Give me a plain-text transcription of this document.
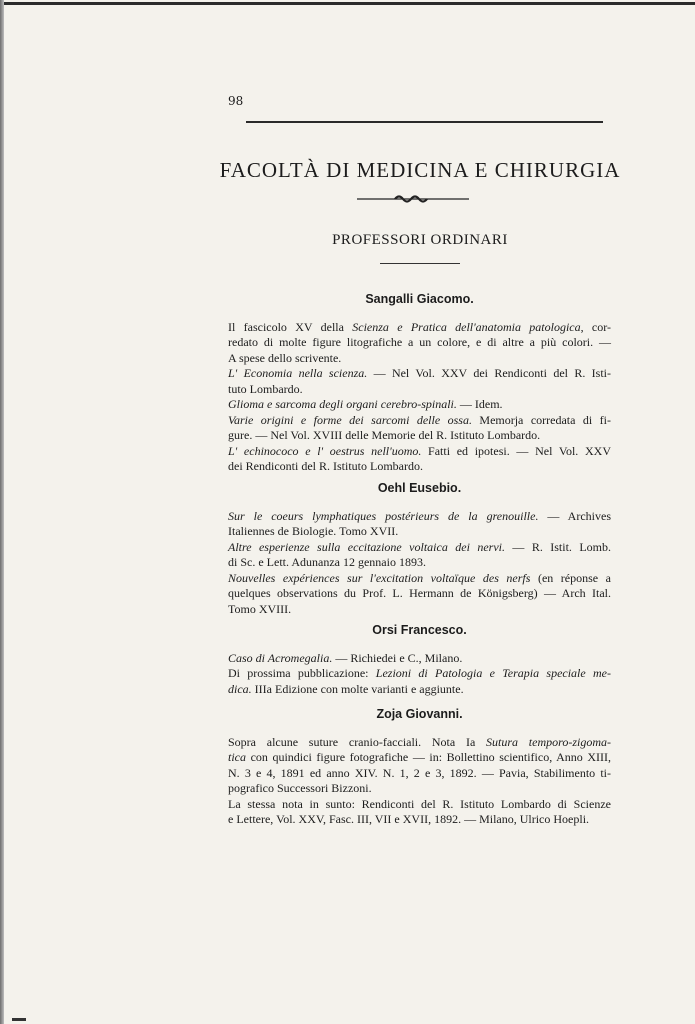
98
FACOLTÀ DI MEDICINA E CHIRURGIA
PROFESSORI ORDINARI
Sangalli Giacomo.
Il fascicolo XV della Scienza e Pratica dell'anatomia patologica, cor-
redato di molte figure litografiche a un colore, e di altre a più colori. —
A spese dello scrivente.
L' Economia nella scienza. — Nel Vol. XXV dei Rendiconti del R. Isti-
tuto Lombardo.
Glioma e sarcoma degli organi cerebro-spinali. — Idem.
Varie origini e forme dei sarcomi delle ossa. Memorja corredata di fi-
gure. — Nel Vol. XVIII delle Memorie del R. Istituto Lombardo.
L' echinococo e l' oestrus nell'uomo. Fatti ed ipotesi. — Nel Vol. XXV
dei Rendiconti del R. Istituto Lombardo.
Oehl Eusebio.
Sur le coeurs lymphatiques postérieurs de la grenouille. — Archives
Italiennes de Biologie. Tomo XVII.
Altre esperienze sulla eccitazione voltaica dei nervi. — R. Istit. Lomb.
di Sc. e Lett. Adunanza 12 gennaio 1893.
Nouvelles expériences sur l'excitation voltaïque des nerfs (en réponse a
quelques observations du Prof. L. Hermann de Königsberg) — Arch Ital.
Tomo XVIII.
Orsi Francesco.
Caso di Acromegalia. — Richiedei e C., Milano.
Di prossima pubblicazione: Lezioni di Patologia e Terapia speciale me-
dica. IIIa Edizione con molte varianti e aggiunte.
Zoja Giovanni.
Sopra alcune suture cranio-facciali. Nota Ia Sutura temporo-zigoma-
tica con quindici figure fotografiche — in: Bollettino scientifico, Anno XIII,
N. 3 e 4, 1891 ed anno XIV. N. 1, 2 e 3, 1892. — Pavia, Stabilimento ti-
pografico Successori Bizzoni.
La stessa nota in sunto: Rendiconti del R. Istituto Lombardo di Scienze
e Lettere, Vol. XXV, Fasc. III, VII e XVII, 1892. — Milano, Ulrico Hoepli.
